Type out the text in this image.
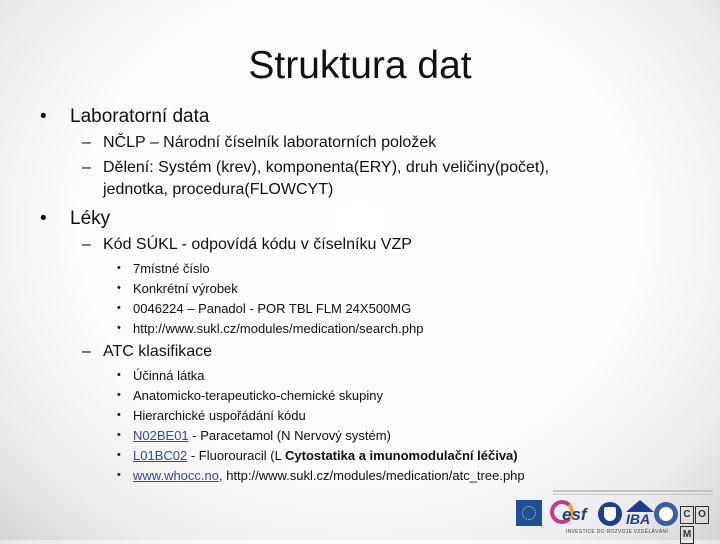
Struktura dat
• Laboratorní data
– NČLP – Národní číselník laboratorních položek
– Dělení: Systém (krev), komponenta(ERY), druh veličiny(počet),
jednotka, procedura(FLOWCYT)
• Léky
– Kód SÚKL - odpovídá kódu v číselníku VZP
• 7místné číslo
• Konkrétní výrobek
• 0046224 – Panadol - POR TBL FLM 24X500MG
• http://www.sukl.cz/modules/medication/search.php
– ATC klasifikace
• Účinná látka
• Anatomicko-terapeuticko-chemické skupiny
• Hierarchické uspořádání kódu
• N02BE01 - Paracetamol (N Nervový systém)
• L01BC02 - Fluorouracil (L Cytostatika a imunomodulační léčiva)
• www.whocc.no, http://www.sukl.cz/modules/medication/atc_tree.php
esf	IBA	C OM
INVESTICE DO ROZVOJE VZDĚLÁVÁNÍ
